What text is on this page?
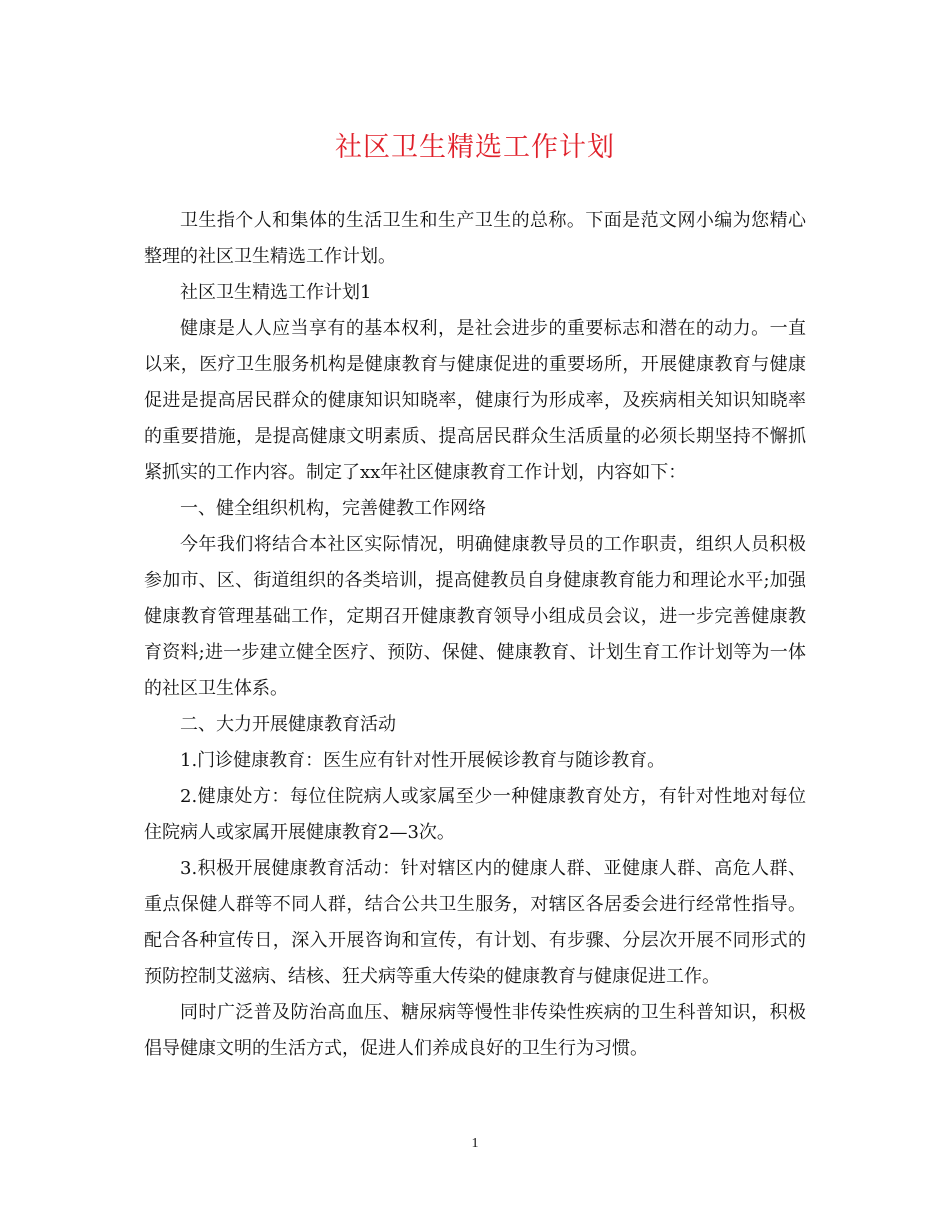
社区卫生精选工作计划

卫生指个人和集体的生活卫生和生产卫生的总称。下面是范文网小编为您精心整理的社区卫生精选工作计划。

社区卫生精选工作计划1

健康是人人应当享有的基本权利，是社会进步的重要标志和潜在的动力。一直以来，医疗卫生服务机构是健康教育与健康促进的重要场所，开展健康教育与健康促进是提高居民群众的健康知识知晓率，健康行为形成率，及疾病相关知识知晓率的重要措施，是提高健康文明素质、提高居民群众生活质量的必须长期坚持不懈抓紧抓实的工作内容。制定了xx年社区健康教育工作计划，内容如下：

一、健全组织机构，完善健教工作网络

今年我们将结合本社区实际情况，明确健康教导员的工作职责，组织人员积极参加市、区、街道组织的各类培训，提高健教员自身健康教育能力和理论水平;加强健康教育管理基础工作，定期召开健康教育领导小组成员会议，进一步完善健康教育资料;进一步建立健全医疗、预防、保健、健康教育、计划生育工作计划等为一体的社区卫生体系。

二、大力开展健康教育活动

1.门诊健康教育：医生应有针对性开展候诊教育与随诊教育。

2.健康处方：每位住院病人或家属至少一种健康教育处方，有针对性地对每位住院病人或家属开展健康教育2—3次。

3.积极开展健康教育活动：针对辖区内的健康人群、亚健康人群、高危人群、重点保健人群等不同人群，结合公共卫生服务，对辖区各居委会进行经常性指导。配合各种宣传日，深入开展咨询和宣传，有计划、有步骤、分层次开展不同形式的预防控制艾滋病、结核、狂犬病等重大传染的健康教育与健康促进工作。

同时广泛普及防治高血压、糖尿病等慢性非传染性疾病的卫生科普知识，积极倡导健康文明的生活方式，促进人们养成良好的卫生行为习惯。

1
